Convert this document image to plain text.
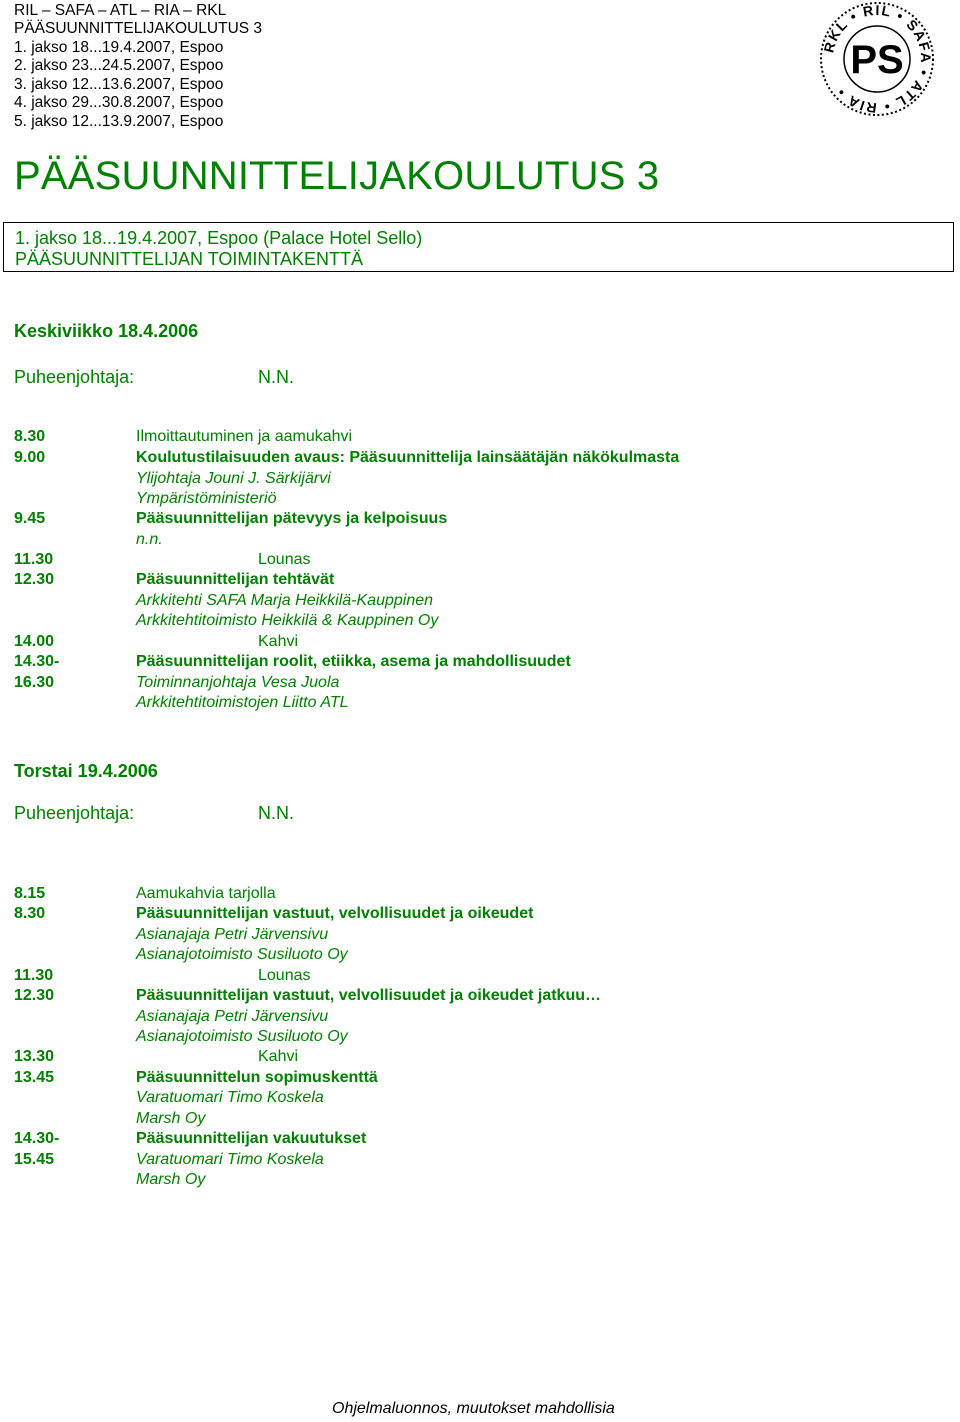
RIL – SAFA – ATL – RIA – RKL
PÄÄSUUNNITTELIJAKOULUTUS 3
1. jakso 18...19.4.2007, Espoo
2. jakso 23...24.5.2007, Espoo
3. jakso 12...13.6.2007, Espoo
4. jakso 29...30.8.2007, Espoo
5. jakso 12...13.9.2007, Espoo
RKL • RIL • SAFA • ATL • RIA •
PS
PÄÄSUUNNITTELIJAKOULUTUS 3
1. jakso 18...19.4.2007, Espoo (Palace Hotel Sello)
PÄÄSUUNNITTELIJAN TOIMINTAKENTTÄ
Keskiviikko 18.4.2006
Puheenjohtaja:	N.N.
8.30	Ilmoittautuminen ja aamukahvi
9.00	Koulutustilaisuuden avaus: Pääsuunnittelija lainsäätäjän näkökulmasta
Ylijohtaja Jouni J. Särkijärvi
Ympäristöministeriö
9.45	Pääsuunnittelijan pätevyys ja kelpoisuus
n.n.
11.30	Lounas
12.30	Pääsuunnittelijan tehtävät
Arkkitehti SAFA Marja Heikkilä-Kauppinen
Arkkitehtitoimisto Heikkilä & Kauppinen Oy
14.00	Kahvi
14.30-	Pääsuunnittelijan roolit, etiikka, asema ja mahdollisuudet
16.30	Toiminnanjohtaja Vesa Juola
Arkkitehtitoimistojen Liitto ATL
Torstai 19.4.2006
Puheenjohtaja:	N.N.
8.15	Aamukahvia tarjolla
8.30	Pääsuunnittelijan vastuut, velvollisuudet ja oikeudet
Asianajaja Petri Järvensivu
Asianajotoimisto Susiluoto Oy
11.30	Lounas
12.30	Pääsuunnittelijan vastuut, velvollisuudet ja oikeudet jatkuu…
Asianajaja Petri Järvensivu
Asianajotoimisto Susiluoto Oy
13.30	Kahvi
13.45	Pääsuunnittelun sopimuskenttä
Varatuomari Timo Koskela
Marsh Oy
14.30-	Pääsuunnittelijan vakuutukset
15.45	Varatuomari Timo Koskela
Marsh Oy
Ohjelmaluonnos, muutokset mahdollisia
